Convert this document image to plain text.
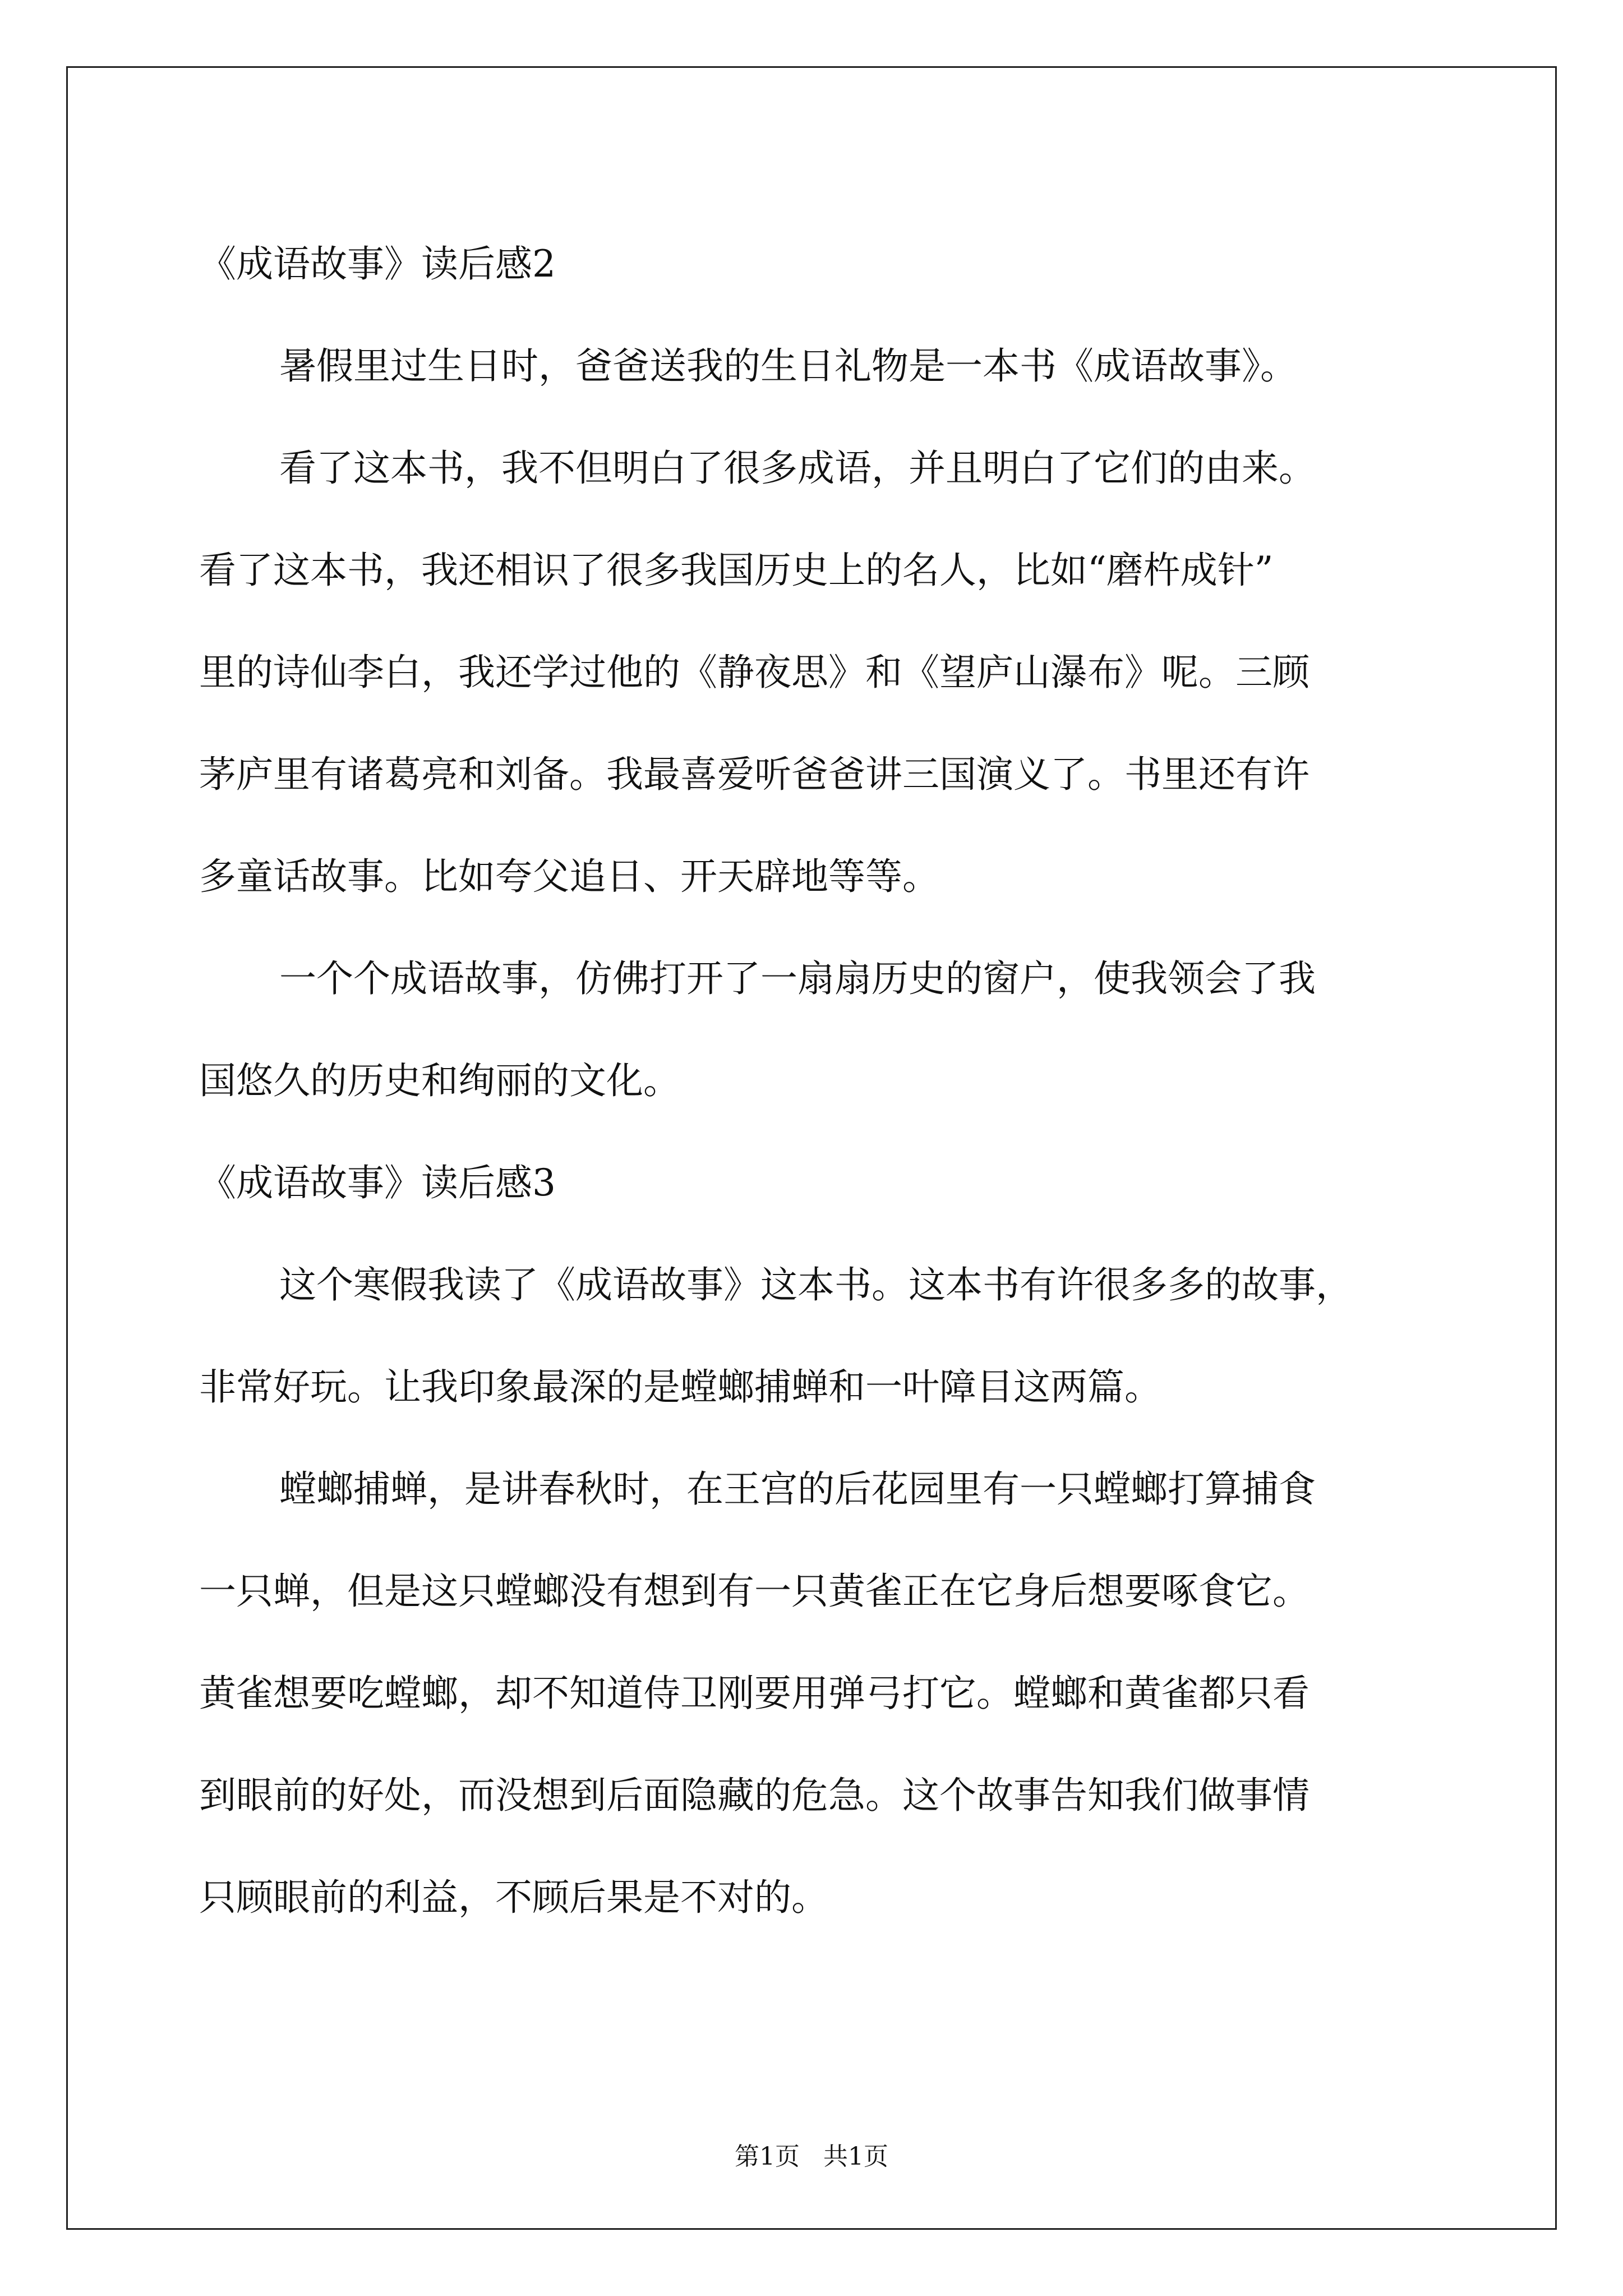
《成语故事》读后感2
暑假里过生日时，爸爸送我的生日礼物是一本书《成语故事》。
看了这本书，我不但明白了很多成语，并且明白了它们的由来。
看了这本书，我还相识了很多我国历史上的名人，比如“磨杵成针”
里的诗仙李白，我还学过他的《静夜思》和《望庐山瀑布》呢。三顾
茅庐里有诸葛亮和刘备。我最喜爱听爸爸讲三国演义了。书里还有许
多童话故事。比如夸父追日、开天辟地等等。
一个个成语故事，仿佛打开了一扇扇历史的窗户，使我领会了我
国悠久的历史和绚丽的文化。
《成语故事》读后感3
这个寒假我读了《成语故事》这本书。这本书有许很多多的故事，
非常好玩。让我印象最深的是螳螂捕蝉和一叶障目这两篇。
螳螂捕蝉，是讲春秋时，在王宫的后花园里有一只螳螂打算捕食
一只蝉，但是这只螳螂没有想到有一只黄雀正在它身后想要啄食它。
黄雀想要吃螳螂，却不知道侍卫刚要用弹弓打它。螳螂和黄雀都只看
到眼前的好处，而没想到后面隐藏的危急。这个故事告知我们做事情
只顾眼前的利益，不顾后果是不对的。
第1页   共1页
